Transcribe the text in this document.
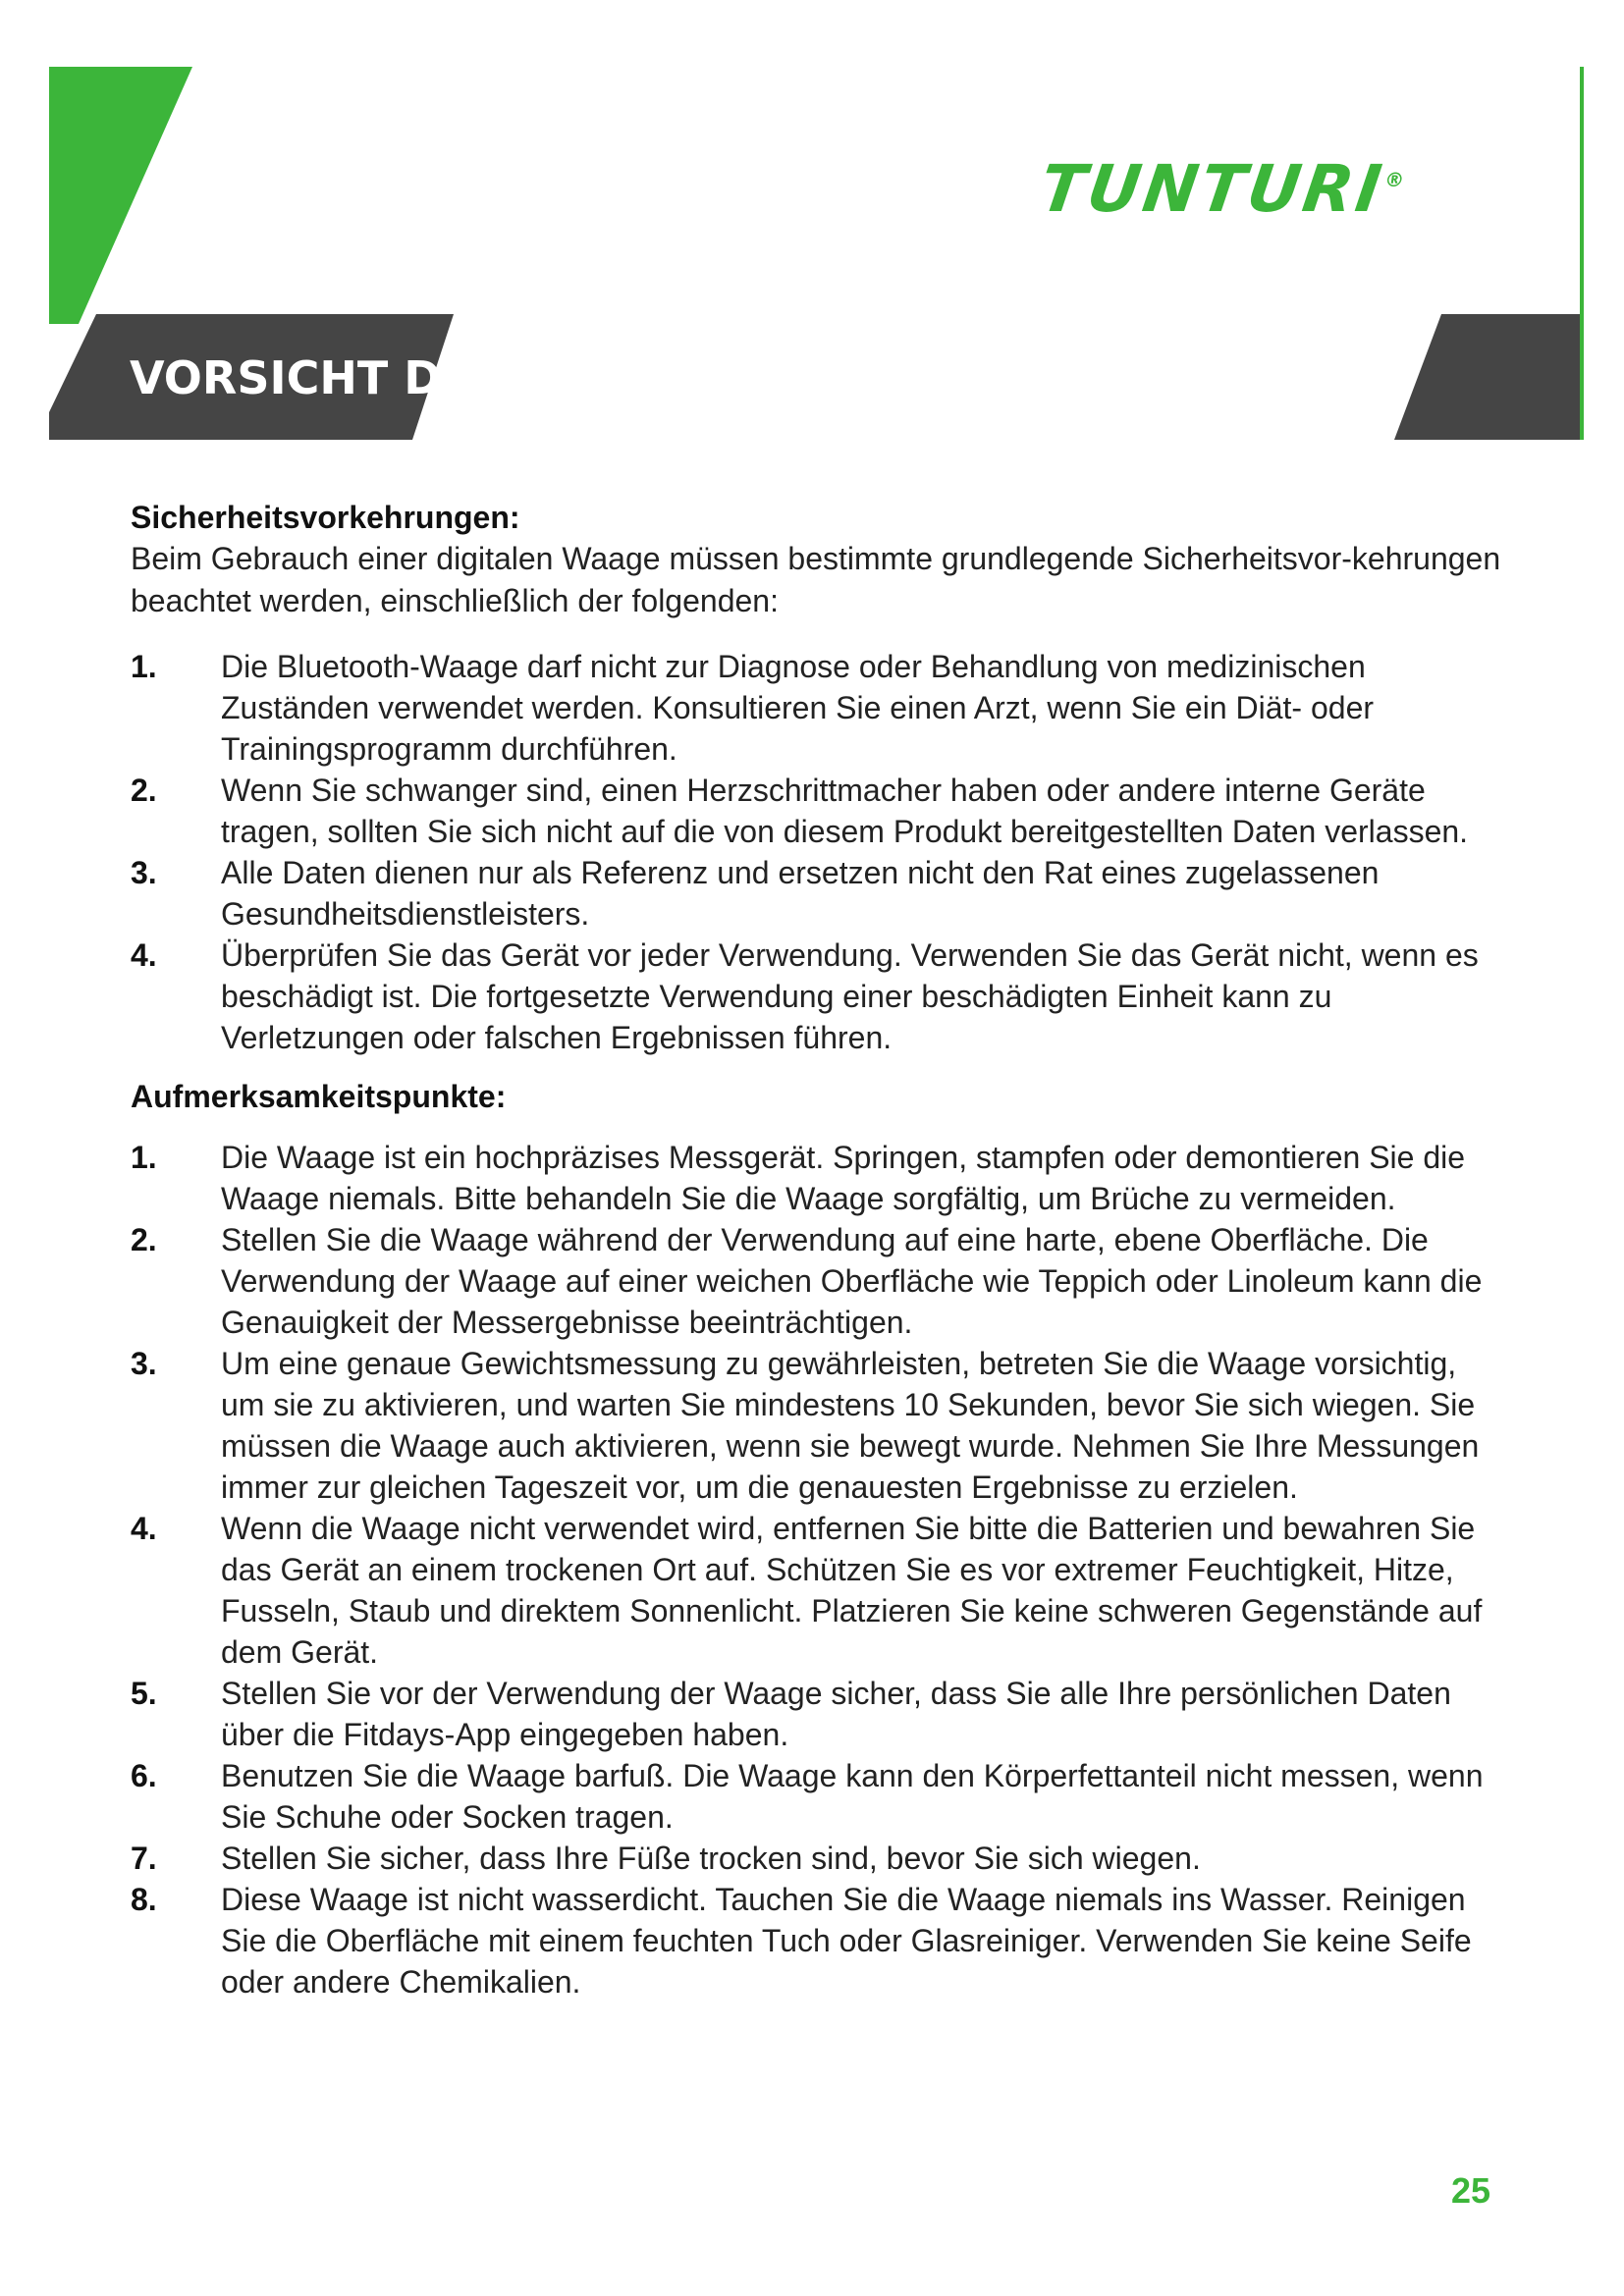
TUNTURI®
VORSICHT DIESE GRUNDLEGENDEN
Sicherheitsvorkehrungen:

Beim Gebrauch einer digitalen Waage müssen bestimmte grundlegende Sicherheitsvor-kehrungen beachtet werden, einschließlich der folgenden:

1.	Die Bluetooth-Waage darf nicht zur Diagnose oder Behandlung von medizinischen Zuständen verwendet werden. Konsultieren Sie einen Arzt, wenn Sie ein Diät- oder Trainingsprogramm durchführen.
2.	Wenn Sie schwanger sind, einen Herzschrittmacher haben oder andere interne Geräte tragen, sollten Sie sich nicht auf die von diesem Produkt bereitgestellten Daten verlassen.
3.	Alle Daten dienen nur als Referenz und ersetzen nicht den Rat eines zugelassenen Gesundheitsdienstleisters.
4.	Überprüfen Sie das Gerät vor jeder Verwendung. Verwenden Sie das Gerät nicht, wenn es beschädigt ist. Die fortgesetzte Verwendung einer beschädigten Einheit kann zu Verletzungen oder falschen Ergebnissen führen.
Aufmerksamkeitspunkte:
1.	Die Waage ist ein hochpräzises Messgerät. Springen, stampfen oder demontieren Sie die Waage niemals. Bitte behandeln Sie die Waage sorgfältig, um Brüche zu vermeiden.
2.	Stellen Sie die Waage während der Verwendung auf eine harte, ebene Oberfläche. Die Verwendung der Waage auf einer weichen Oberfläche wie Teppich oder Linoleum kann die Genauigkeit der Messergebnisse beeinträchtigen.
3.	Um eine genaue Gewichtsmessung zu gewährleisten, betreten Sie die Waage vorsichtig, um sie zu aktivieren, und warten Sie mindestens 10 Sekunden, bevor Sie sich wiegen. Sie müssen die Waage auch aktivieren, wenn sie bewegt wurde. Nehmen Sie Ihre Messungen immer zur gleichen Tageszeit vor, um die genauesten Ergebnisse zu erzielen.
4.	Wenn die Waage nicht verwendet wird, entfernen Sie bitte die Batterien und bewahren Sie das Gerät an einem trockenen Ort auf. Schützen Sie es vor extremer Feuchtigkeit, Hitze, Fusseln, Staub und direktem Sonnenlicht. Platzieren Sie keine schweren Gegenstände auf dem Gerät.
5.	Stellen Sie vor der Verwendung der Waage sicher, dass Sie alle Ihre persönlichen Daten über die Fitdays-App eingegeben haben.
6.	Benutzen Sie die Waage barfuß. Die Waage kann den Körperfettanteil nicht messen, wenn Sie Schuhe oder Socken tragen.
7.	Stellen Sie sicher, dass Ihre Füße trocken sind, bevor Sie sich wiegen.
8.	Diese Waage ist nicht wasserdicht. Tauchen Sie die Waage niemals ins Wasser. Reinigen Sie die Oberfläche mit einem feuchten Tuch oder Glasreiniger. Verwenden Sie keine Seife oder andere Chemikalien.
25
